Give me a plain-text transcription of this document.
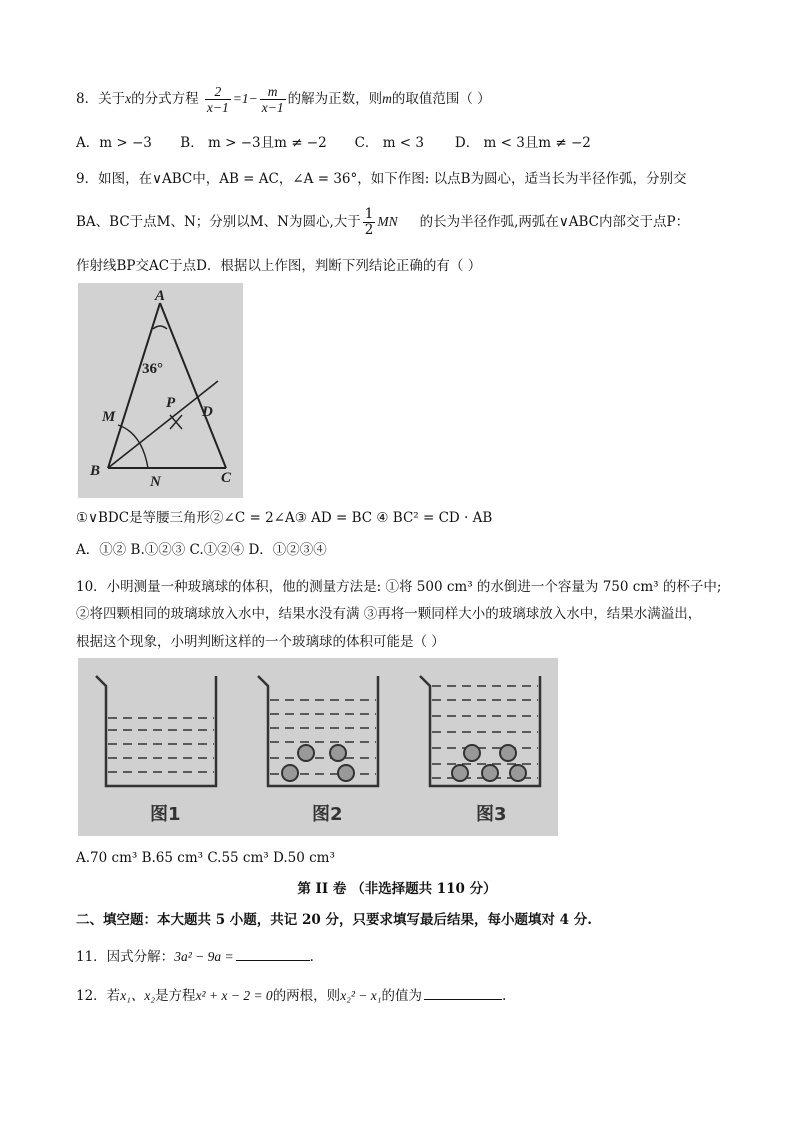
8．关于x的分式方程 $\frac{2}{x-1} =1- \frac{m}{x-1}$ 的解为正数，则m的取值范围（ ）
A．m > −3 B． m > −3且m ≠ −2 C． m < 3 D． m < 3且m ≠ −2
9．如图，在∨ABC中，AB = AC，∠A = 36°，如下作图: 以点B为圆心，适当长为半径作弧，分别交
BA、BC于点M、N；分别以M、N为圆心,大于 $\frac{1}{2}$ MN 的长为半径作弧,两弧在∨ABC内部交于点P：
作射线BP交AC于点D．根据以上作图，判断下列结论正确的有（ ）
A
36°
M
P
D
B
N	C
①∨BDC是等腰三角形②∠C = 2∠A③ AD = BC ④ BC² = CD · AB
A．①② B.①②③ C.①②④ D．①②③④
10．小明测量一种玻璃球的体积，他的测量方法是: ①将 500 cm³ 的水倒进一个容量为 750 cm³ 的杯子中;
②将四颗相同的玻璃球放入水中，结果水没有满 ③再将一颗同样大小的玻璃球放入水中，结果水满溢出，
根据这个现象，小明判断这样的一个玻璃球的体积可能是（ ）
图1	图2	图3
A.70 cm³ B.65 cm³ C.55 cm³ D.50 cm³
第 II 卷 （非选择题共 110 分）
二、填空题：本大题共 5 小题，共记 20 分，只要求填写最后结果，每小题填对 4 分.
11．因式分解：3a² − 9a =	.
12．若x₁、x₂是方程x² + x − 2 = 0的两根，则x₂² − x₁的值为	.
